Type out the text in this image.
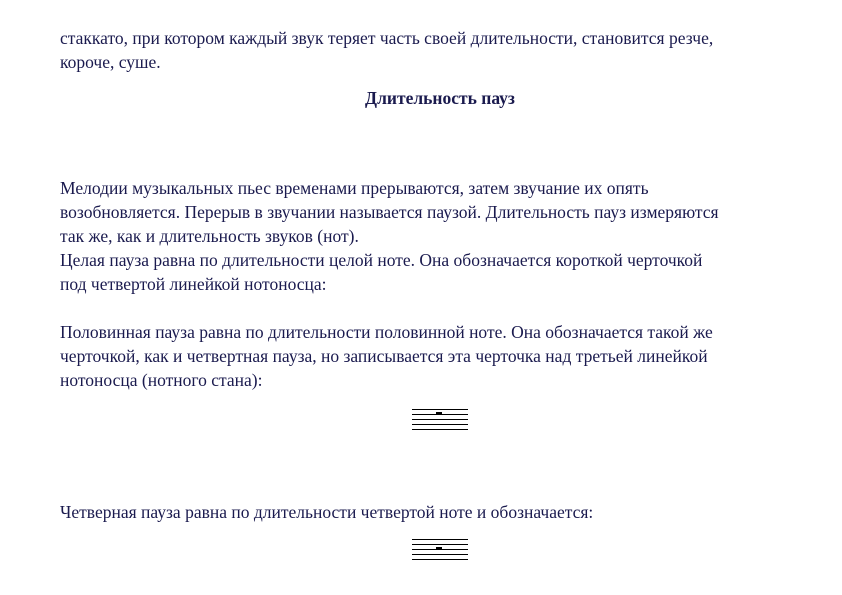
стаккато, при котором каждый звук теряет часть своей длительности, становится резче,
короче, суше.

Длительность пауз

Мелодии музыкальных пьес временами прерываются, затем звучание их опять
возобновляется. Перерыв в звучании называется паузой. Длительность пауз измеряются
так же, как и длительность звуков (нот).
Целая пауза равна по длительности целой ноте. Она обозначается короткой черточкой
под четвертой линейкой нотоносца:

Половинная пауза равна по длительности половинной ноте. Она обозначается такой же
черточкой, как и четвертная пауза, но записывается эта черточка над третьей линейкой
нотоносца (нотного стана):

Четверная пауза равна по длительности четвертой ноте и обозначается:
